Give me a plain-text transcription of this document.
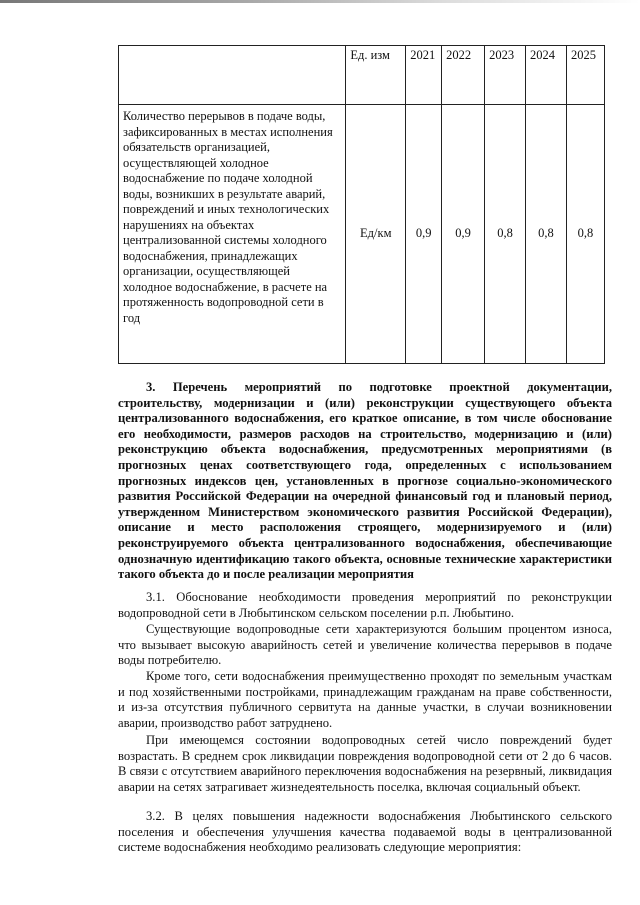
	Ед. изм	2021	2022	2023	2024	2025
Количество перерывов в подаче воды, зафиксированных в местах исполнения обязательств организацией, осуществляющей холодное водоснабжение по подаче холодной воды, возникших в результате аварий, повреждений и иных технологических нарушениях на объектах централизованной системы холодного водоснабжения, принадлежащих организации, осуществляющей холодное водоснабжение, в расчете на протяженность водопроводной сети в год	Ед/км	0,9	0,9	0,8	0,8	0,8
3. Перечень мероприятий по подготовке проектной документации, строительству, модернизации и (или) реконструкции существующего объекта централизованного водоснабжения, его краткое описание, в том числе обоснование его необходимости, размеров расходов на строительство, модернизацию и (или) реконструкцию объекта водоснабжения, предусмотренных мероприятиями (в прогнозных ценах соответствующего года, определенных с использованием прогнозных индексов цен, установленных в прогнозе социально-экономического развития Российской Федерации на очередной финансовый год и плановый период, утвержденном Министерством экономического развития Российской Федерации), описание и место расположения строящего, модернизируемого и (или) реконструируемого объекта централизованного водоснабжения, обеспечивающие однозначную идентификацию такого объекта, основные технические характеристики такого объекта до и после реализации мероприятия

3.1. Обоснование необходимости проведения мероприятий по реконструкции водопроводной сети в Любытинском сельском поселении р.п. Любытино.

Существующие водопроводные сети характеризуются большим процентом износа, что вызывает высокую аварийность сетей и увеличение количества перерывов в подаче воды потребителю.

Кроме того, сети водоснабжения преимущественно проходят по земельным участкам и под хозяйственными постройками, принадлежащим гражданам на праве собственности, и из-за отсутствия публичного сервитута на данные участки, в случаи возникновении аварии, производство работ затруднено.

При имеющемся состоянии водопроводных сетей число повреждений будет возрастать. В среднем срок ликвидации повреждения водопроводной сети от 2 до 6 часов. В связи с отсутствием аварийного переключения водоснабжения на резервный, ликвидация аварии на сетях затрагивает жизнедеятельность поселка, включая социальный объект.

3.2. В целях повышения надежности водоснабжения Любытинского сельского поселения и обеспечения улучшения качества подаваемой воды в централизованной системе водоснабжения необходимо реализовать следующие мероприятия:
